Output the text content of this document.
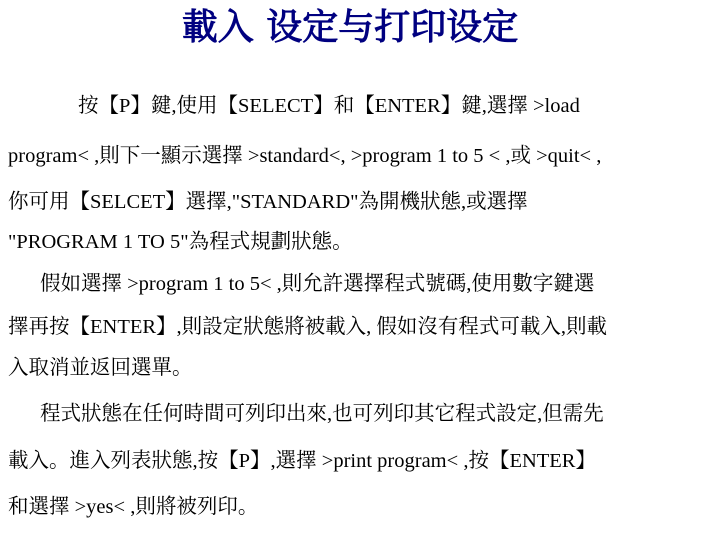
載入 设定与打印设定
按【P】鍵,使用【SELECT】和【ENTER】鍵,選擇 >load
program< ,則下一顯示選擇 >standard<, >program 1 to 5 < ,或 >quit< ,
你可用【SELCET】選擇,"STANDARD"為開機狀態,或選擇
"PROGRAM 1 TO 5"為程式規劃狀態。
假如選擇 >program 1 to 5< ,則允許選擇程式號碼,使用數字鍵選
擇再按【ENTER】,則設定狀態將被載入, 假如沒有程式可載入,則載
入取消並返回選單。
程式狀態在任何時間可列印出來,也可列印其它程式設定,但需先
載入。進入列表狀態,按【P】,選擇 >print program< ,按【ENTER】
和選擇 >yes< ,則將被列印。
